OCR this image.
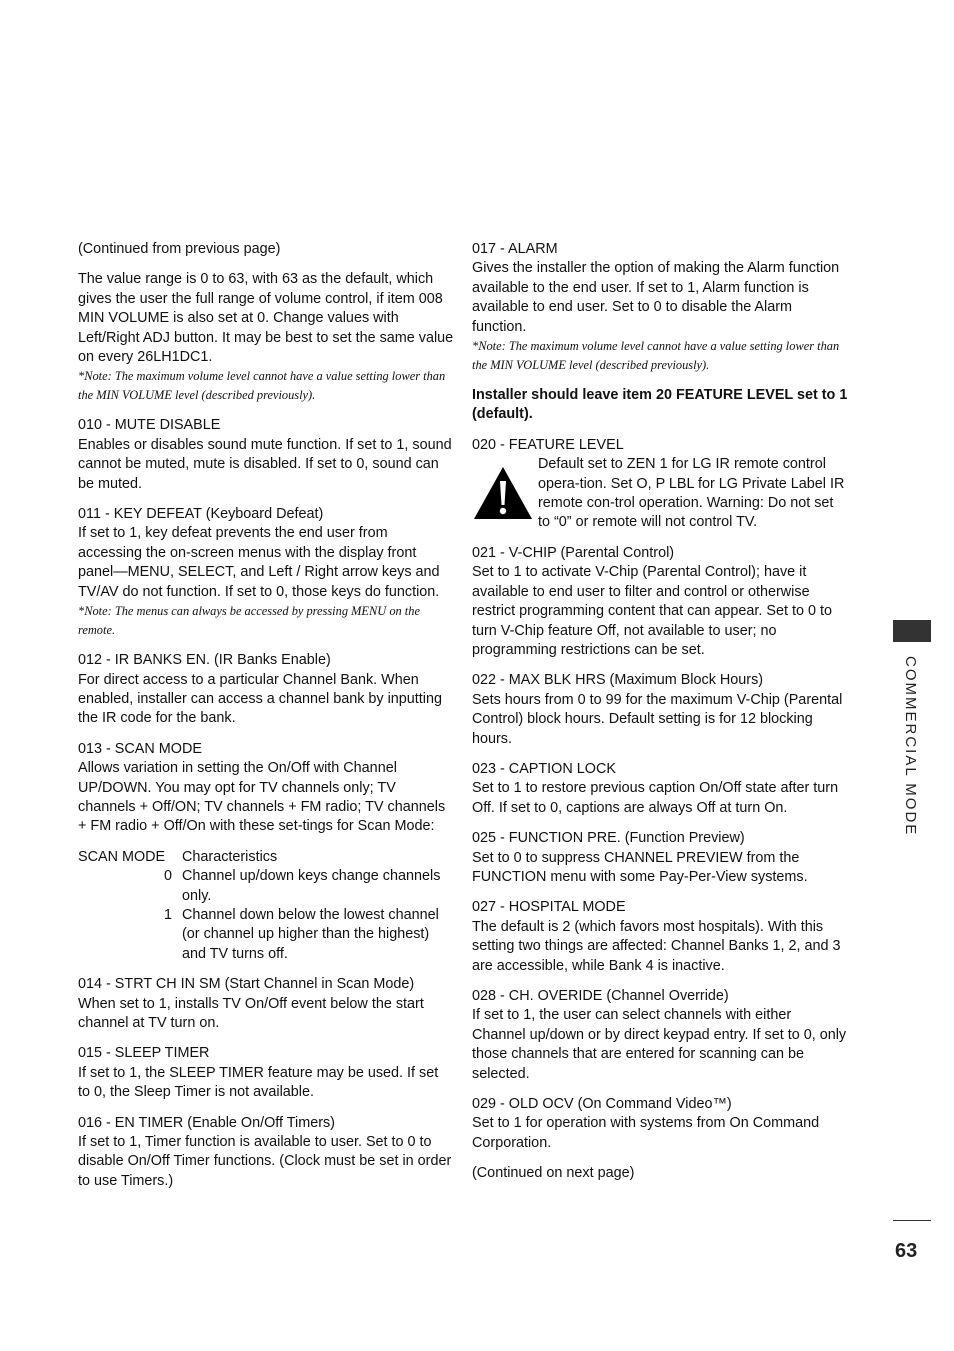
(Continued from previous page)

The value range is 0 to 63, with 63 as the default, which gives the user the full range of volume control, if item 008 MIN VOLUME is also set at 0. Change values with Left/Right ADJ button. It may be best to set the same value on every 26LH1DC1.

*Note: The maximum volume level cannot have a value setting lower than the MIN VOLUME level (described previously).

010 - MUTE DISABLE

Enables or disables sound mute function. If set to 1, sound cannot be muted, mute is disabled. If set to 0, sound can be muted.

011 - KEY DEFEAT (Keyboard Defeat)

If set to 1, key defeat prevents the end user from accessing the on-screen menus with the display front panel—MENU, SELECT, and Left / Right arrow keys and TV/AV do not function. If set to 0, those keys do function.

*Note: The menus can always be accessed by pressing MENU on the remote.

012 - IR BANKS EN. (IR Banks Enable)

For direct access to a particular Channel Bank. When enabled, installer can access a channel bank by inputting the IR code for the bank.

013 - SCAN MODE

Allows variation in setting the On/Off with Channel UP/DOWN. You may opt for TV channels only; TV channels + Off/ON; TV channels + FM radio; TV channels + FM radio + Off/On with these set-tings for Scan Mode:

SCAN MODE	Characteristics
0 Channel up/down keys change channels only.
1 Channel down below the lowest channel (or channel up higher than the highest) and TV turns off.

014 - STRT CH IN SM (Start Channel in Scan Mode)

When set to 1, installs TV On/Off event below the start channel at TV turn on.

015 - SLEEP TIMER

If set to 1, the SLEEP TIMER feature may be used. If set to 0, the Sleep Timer is not available.

016 - EN TIMER (Enable On/Off Timers)

If set to 1, Timer function is available to user. Set to 0 to disable On/Off Timer functions. (Clock must be set in order to use Timers.)

017 - ALARM

Gives the installer the option of making the Alarm function available to the end user. If set to 1, Alarm function is available to end user. Set to 0 to disable the Alarm function.

*Note: The maximum volume level cannot have a value setting lower than the MIN VOLUME level (described previously).

Installer should leave item 20 FEATURE LEVEL set to 1 (default).

020 - FEATURE LEVEL

Default set to ZEN 1 for LG IR remote control opera-tion. Set O, P LBL for LG Private Label IR remote con-trol operation. Warning: Do not set to “0” or remote will not control TV.

021 - V-CHIP (Parental Control)

Set to 1 to activate V-Chip (Parental Control); have it available to end user to filter and control or otherwise restrict programming content that can appear. Set to 0 to turn V-Chip feature Off, not available to user; no programming restrictions can be set.

022 - MAX BLK HRS (Maximum Block Hours)

Sets hours from 0 to 99 for the maximum V-Chip (Parental Control) block hours. Default setting is for 12 blocking hours.

023 - CAPTION LOCK

Set to 1 to restore previous caption On/Off state after turn Off. If set to 0, captions are always Off at turn On.

025 - FUNCTION PRE. (Function Preview)

Set to 0 to suppress CHANNEL PREVIEW from the FUNCTION menu with some Pay-Per-View systems.

027 - HOSPITAL MODE

The default is 2 (which favors most hospitals). With this setting two things are affected: Channel Banks 1, 2, and 3 are accessible, while Bank 4 is inactive.

028 - CH. OVERIDE (Channel Override)

If set to 1, the user can select channels with either Channel up/down or by direct keypad entry. If set to 0, only those channels that are entered for scanning can be selected.

029 - OLD OCV (On Command Video™)

Set to 1 for operation with systems from On Command Corporation.

(Continued on next page)

COMMERCIAL MODE
63
